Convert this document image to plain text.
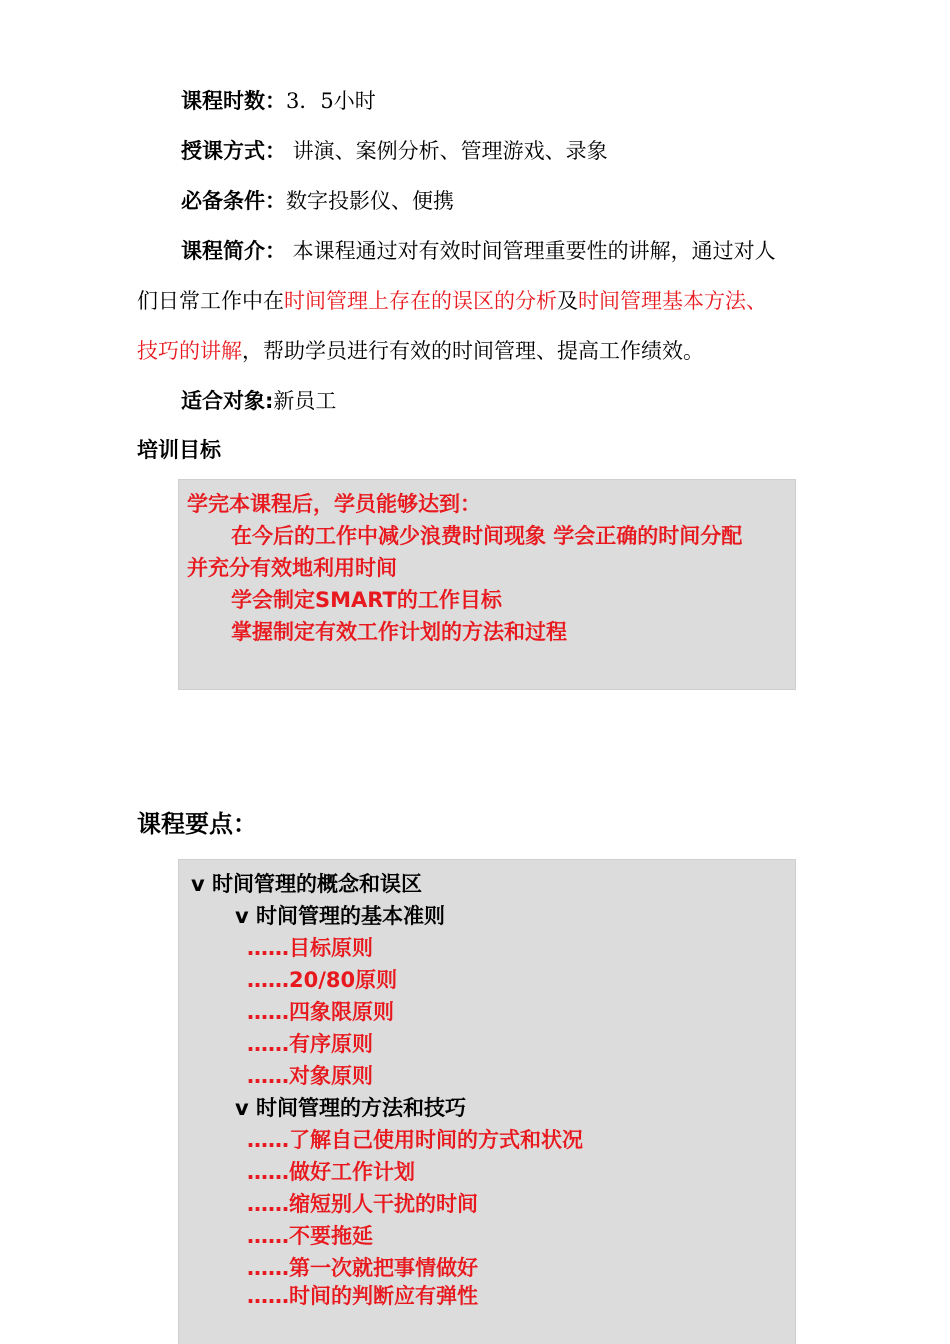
课程时数：3．5小时
授课方式： 讲演、案例分析、管理游戏、录象
必备条件：数字投影仪、便携
课程简介： 本课程通过对有效时间管理重要性的讲解，通过对人
们日常工作中在时间管理上存在的误区的分析及时间管理基本方法、
技巧的讲解，帮助学员进行有效的时间管理、提高工作绩效。
适合对象:新员工
培训目标
学完本课程后，学员能够达到：
在今后的工作中减少浪费时间现象 学会正确的时间分配
并充分有效地利用时间
学会制定SMART的工作目标
掌握制定有效工作计划的方法和过程
课程要点：
v 时间管理的概念和误区
v 时间管理的基本准则
……目标原则
……20/80原则
……四象限原则
……有序原则
……对象原则
v 时间管理的方法和技巧
……了解自己使用时间的方式和状况
……做好工作计划
……缩短别人干扰的时间
……不要拖延
……第一次就把事情做好
……时间的判断应有弹性
